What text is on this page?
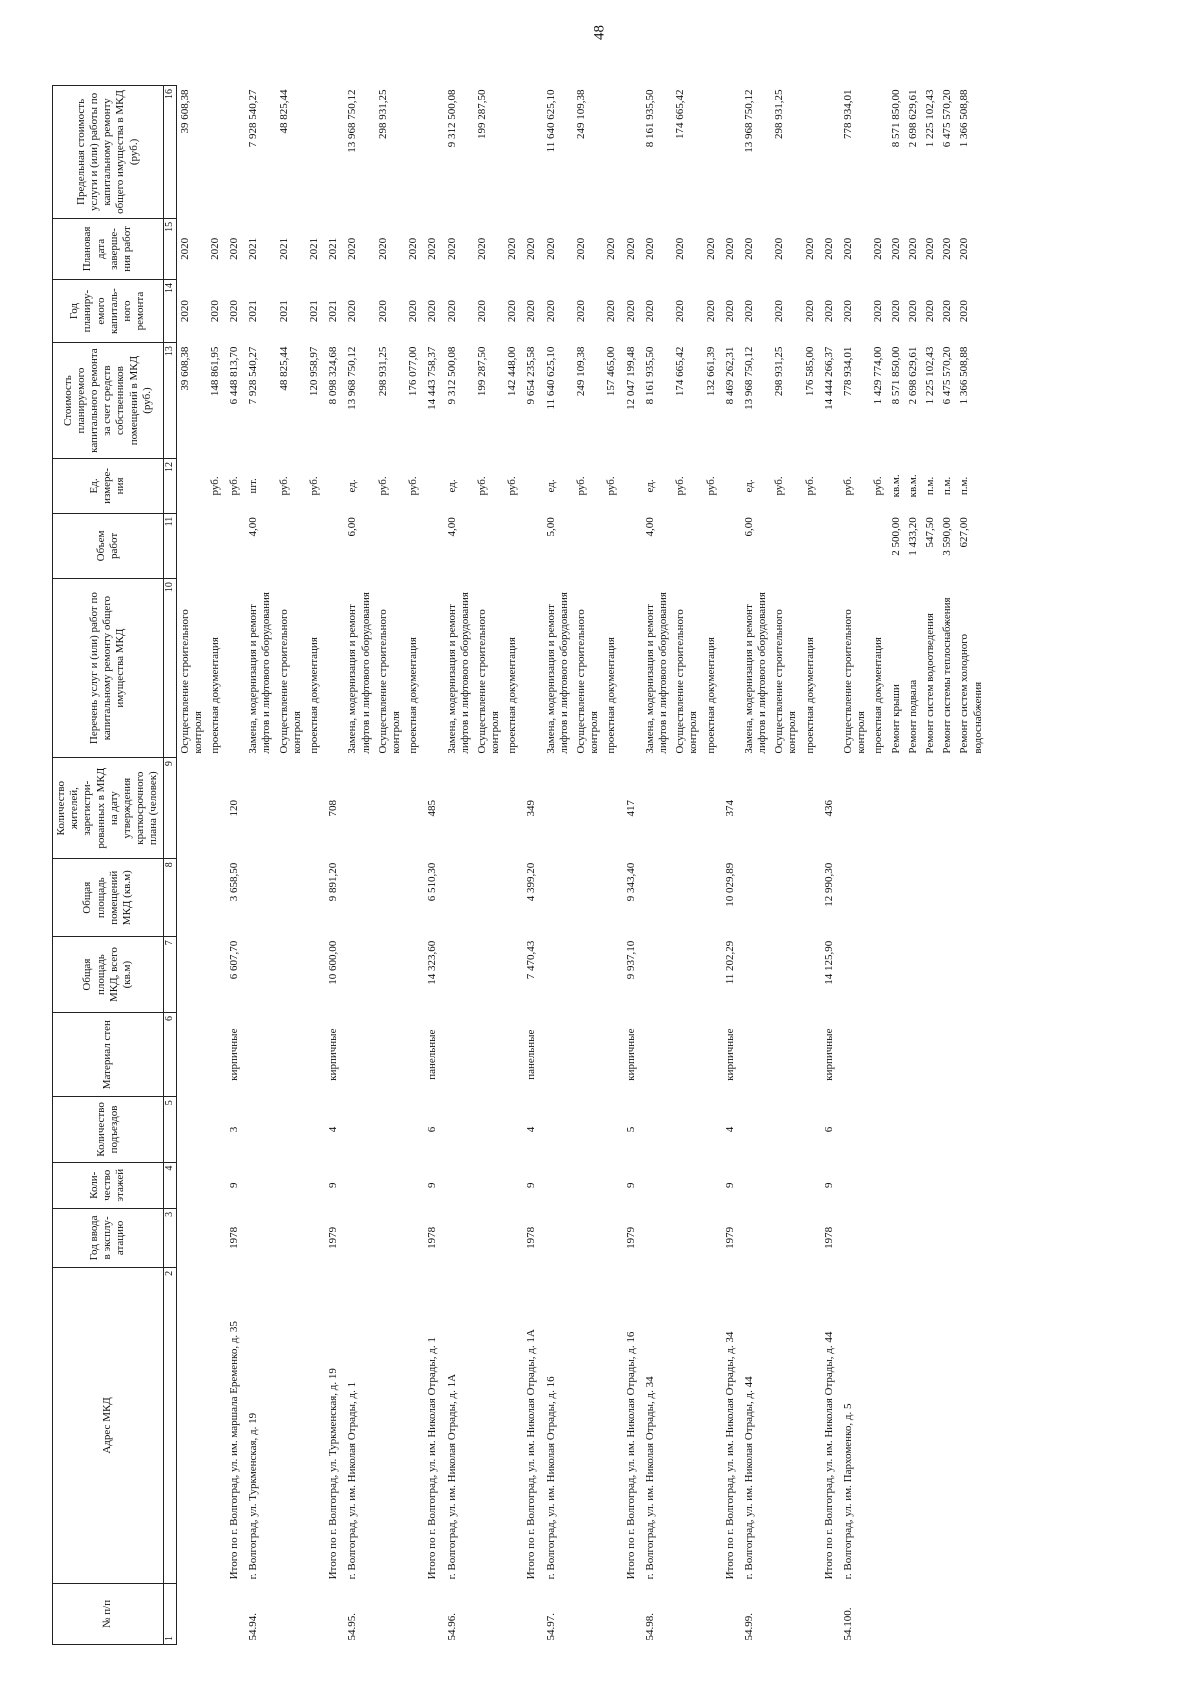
48
№ п/п	Адрес МКД	Год ввода в эксплу-атацию	Коли-чество этажей	Количество подъездов	Материал стен	Общая площадь МКД, всего (кв.м)	Общая площадь помещений МКД (кв.м)	Количество жителей, зарегистри-рованных в МКД на дату утверждения краткосрочного плана (человек)	Перечень услуг и (или) работ по капитальному ремонту общего имущества МКД	Объем работ	Ед. измере-ния	Стоимость планируемого капитального ремонта за счет средств собственников помещений в МКД (руб.)	Год планиру-емого капиталь-ного ремонта	Плановая дата заверше-ния работ	Предельная стоимость услуги и (или) работы по капитальному ремонту общего имущества в МКД (руб.)
1	2	3	4	5	6	7	8	9	10	11	12	13	14	15	16
									Осуществление строительного контроля			39 608,38	2020	2020	39 608,38
									проектная документация		руб.	148 861,95	2020	2020	
	Итого по г. Волгоград, ул. им. маршала Еременко, д. 35	1978	9	3	кирпичные	6 607,70	3 658,50	120			руб.	6 448 813,70	2020	2020	
54.94.	г. Волгоград, ул. Туркменская, д. 19								Замена, модернизация и ремонт лифтов и лифтового оборудования	4,00	шт.	7 928 540,27	2021	2021	7 928 540,27
									Осуществление строительного контроля		руб.	48 825,44	2021	2021	48 825,44
									проектная документация		руб.	120 958,97	2021	2021	
	Итого по г. Волгоград, ул. Туркменская, д. 19	1979	9	4	кирпичные	10 600,00	9 891,20	708				8 098 324,68	2021	2021	
54.95.	г. Волгоград, ул. им. Николая Отрады, д. 1								Замена, модернизация и ремонт лифтов и лифтового оборудования	6,00	ед.	13 968 750,12	2020	2020	13 968 750,12
									Осуществление строительного контроля		руб.	298 931,25	2020	2020	298 931,25
									проектная документация		руб.	176 077,00	2020	2020	
	Итого по г. Волгоград, ул. им. Николая Отрады, д. 1	1978	9	6	панельные	14 323,60	6 510,30	485				14 443 758,37	2020	2020	
54.96.	г. Волгоград, ул. им. Николая Отрады, д. 1А								Замена, модернизация и ремонт лифтов и лифтового оборудования	4,00	ед.	9 312 500,08	2020	2020	9 312 500,08
									Осуществление строительного контроля		руб.	199 287,50	2020	2020	199 287,50
									проектная документация		руб.	142 448,00	2020	2020	
	Итого по г. Волгоград, ул. им. Николая Отрады, д. 1А	1978	9	4	панельные	7 470,43	4 399,20	349				9 654 235,58	2020	2020	
54.97.	г. Волгоград, ул. им. Николая Отрады, д. 16								Замена, модернизация и ремонт лифтов и лифтового оборудования	5,00	ед.	11 640 625,10	2020	2020	11 640 625,10
									Осуществление строительного контроля		руб.	249 109,38	2020	2020	249 109,38
									проектная документация		руб.	157 465,00	2020	2020	
	Итого по г. Волгоград, ул. им. Николая Отрады, д. 16	1979	9	5	кирпичные	9 937,10	9 343,40	417				12 047 199,48	2020	2020	
54.98.	г. Волгоград, ул. им. Николая Отрады, д. 34								Замена, модернизация и ремонт лифтов и лифтового оборудования	4,00	ед.	8 161 935,50	2020	2020	8 161 935,50
									Осуществление строительного контроля		руб.	174 665,42	2020	2020	174 665,42
									проектная документация		руб.	132 661,39	2020	2020	
	Итого по г. Волгоград, ул. им. Николая Отрады, д. 34	1979	9	4	кирпичные	11 202,29	10 029,89	374				8 469 262,31	2020	2020	
54.99.	г. Волгоград, ул. им. Николая Отрады, д. 44								Замена, модернизация и ремонт лифтов и лифтового оборудования	6,00	ед.	13 968 750,12	2020	2020	13 968 750,12
									Осуществление строительного контроля		руб.	298 931,25	2020	2020	298 931,25
									проектная документация		руб.	176 585,00	2020	2020	
	Итого по г. Волгоград, ул. им. Николая Отрады, д. 44	1978	9	6	кирпичные	14 125,90	12 990,30	436				14 444 266,37	2020	2020	
54.100.	г. Волгоград, ул. им. Пархоменко, д. 5								Осуществление строительного контроля		руб.	778 934,01	2020	2020	778 934,01
									проектная документация		руб.	1 429 774,00	2020	2020	
									Ремонт крыши	2 500,00	кв.м.	8 571 850,00	2020	2020	8 571 850,00
									Ремонт подвала	1 433,20	кв.м.	2 698 629,61	2020	2020	2 698 629,61
									Ремонт систем водоотведения	547,50	п.м.	1 225 102,43	2020	2020	1 225 102,43
									Ремонт системы теплоснабжения	3 590,00	п.м.	6 475 570,20	2020	2020	6 475 570,20
									Ремонт систем холодного водоснабжения	627,00	п.м.	1 366 508,88	2020	2020	1 366 508,88
